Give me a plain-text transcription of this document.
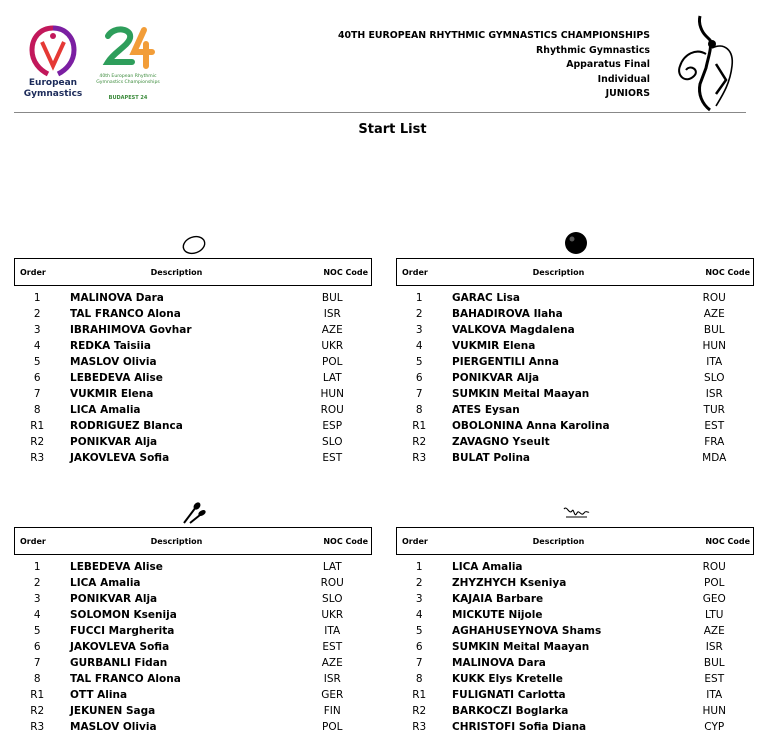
European Gymnastics
40th European Rhythmic Gymnastics Championships
BUDAPEST 24
40TH EUROPEAN RHYTHMIC GYMNASTICS CHAMPIONSHIPS
Rhythmic Gymnastics
Apparatus Final
Individual
JUNIORS
Start List
Order	Description	NOC Code
1	MALINOVA Dara	BUL
2	TAL FRANCO Alona	ISR
3	IBRAHIMOVA Govhar	AZE
4	REDKA Taisiia	UKR
5	MASLOV Olivia	POL
6	LEBEDEVA Alise	LAT
7	VUKMIR Elena	HUN
8	LICA Amalia	ROU
R1	RODRIGUEZ Blanca	ESP
R2	PONIKVAR Alja	SLO
R3	JAKOVLEVA Sofia	EST
Order	Description	NOC Code
1	GARAC Lisa	ROU
2	BAHADIROVA Ilaha	AZE
3	VALKOVA Magdalena	BUL
4	VUKMIR Elena	HUN
5	PIERGENTILI Anna	ITA
6	PONIKVAR Alja	SLO
7	SUMKIN Meital Maayan	ISR
8	ATES Eysan	TUR
R1	OBOLONINA Anna Karolina	EST
R2	ZAVAGNO Yseult	FRA
R3	BULAT Polina	MDA
Order	Description	NOC Code
1	LEBEDEVA Alise	LAT
2	LICA Amalia	ROU
3	PONIKVAR Alja	SLO
4	SOLOMON Ksenija	UKR
5	FUCCI Margherita	ITA
6	JAKOVLEVA Sofia	EST
7	GURBANLI Fidan	AZE
8	TAL FRANCO Alona	ISR
R1	OTT Alina	GER
R2	JEKUNEN Saga	FIN
R3	MASLOV Olivia	POL
Order	Description	NOC Code
1	LICA Amalia	ROU
2	ZHYZHYCH Kseniya	POL
3	KAJAIA Barbare	GEO
4	MICKUTE Nijole	LTU
5	AGHAHUSEYNOVA Shams	AZE
6	SUMKIN Meital Maayan	ISR
7	MALINOVA Dara	BUL
8	KUKK Elys Kretelle	EST
R1	FULIGNATI Carlotta	ITA
R2	BARKOCZI Boglarka	HUN
R3	CHRISTOFI Sofia Diana	CYP
